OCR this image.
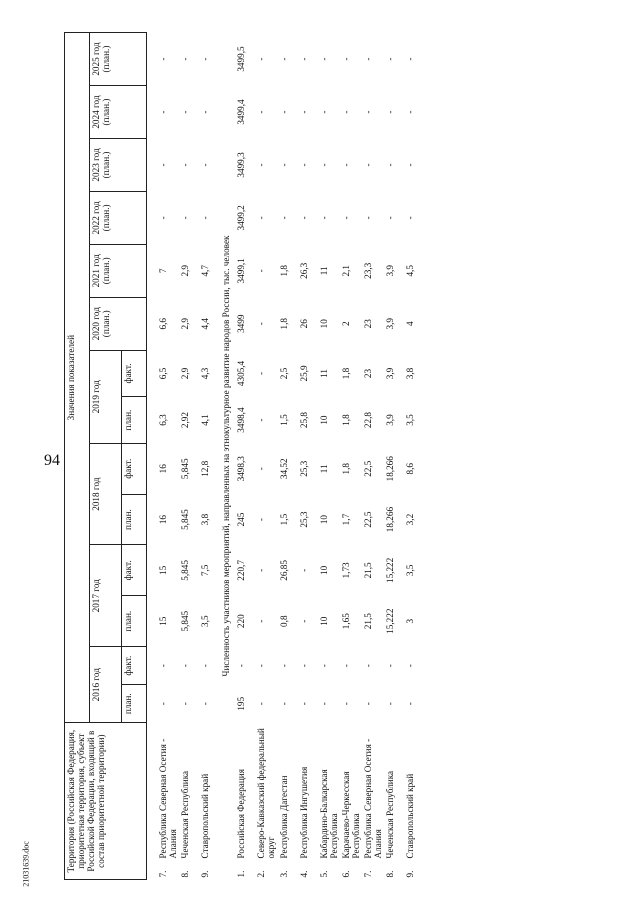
94
21031639.doc	Территория (Российская Федерация, приоритетная территория, субъект Российской Федерации, входящий в состав приоритетной территории)		Значения показателей													
		2016 год		2017 год		2018 год		2019 год		2020 год (план.)	2021 год (план.)	2022 год (план.)	2023 год (план.)	2024 год (план.)	2025 год (план.)
		план.	факт.	план.	факт.	план.	факт.	план.	факт.						

7.	Республика Северная Осетия - Алания	-	-	15	15	16	16	6,3	6,5	6,6	7	-	-	-	-
8.	Чеченская Республика	-	-	5,845	5,845	5,845	5,845	2,92	2,9	2,9	2,9	-	-	-	-
9.	Ставропольский край	-	-	3,5	7,5	3,8	12,8	4,1	4,3	4,4	4,7	-	-	-	-
Численность участников мероприятий, направленных на этнокультурное развитие народов России, тыс. человек															
1.	Российская Федерация	195	-	220	220,7	245	3498,3	3498,4	4305,4	3499	3499,1	3499,2	3499,3	3499,4	3499,5
2.	Северо-Кавказский федеральный округ	-	-	-	-	-	-	-	-	-	-	-	-	-	-
3.	Республика Дагестан	-	-	0,8	26,85	1,5	34,52	1,5	2,5	1,8	1,8	-	-	-	-
4.	Республика Ингушетия	-	-	-	-	25,3	25,3	25,8	25,9	26	26,3	-	-	-	-
5.	Кабардино-Балкарская Республика	-	-	10	10	10	11	10	11	10	11	-	-	-	-
6.	Карачаево-Черкесская Республика	-	-	1,65	1,73	1,7	1,8	1,8	1,8	2	2,1	-	-	-	-
7.	Республика Северная Осетия - Алания	-	-	21,5	21,5	22,5	22,5	22,8	23	23	23,3	-	-	-	-
8.	Чеченская Республика	-	-	15,222	15,222	18,266	18,266	3,9	3,9	3,9	3,9	-	-	-	-
9.	Ставропольский край	-	-	3	3,5	3,2	8,6	3,5	3,8	4	4,5	-	-	-	-
